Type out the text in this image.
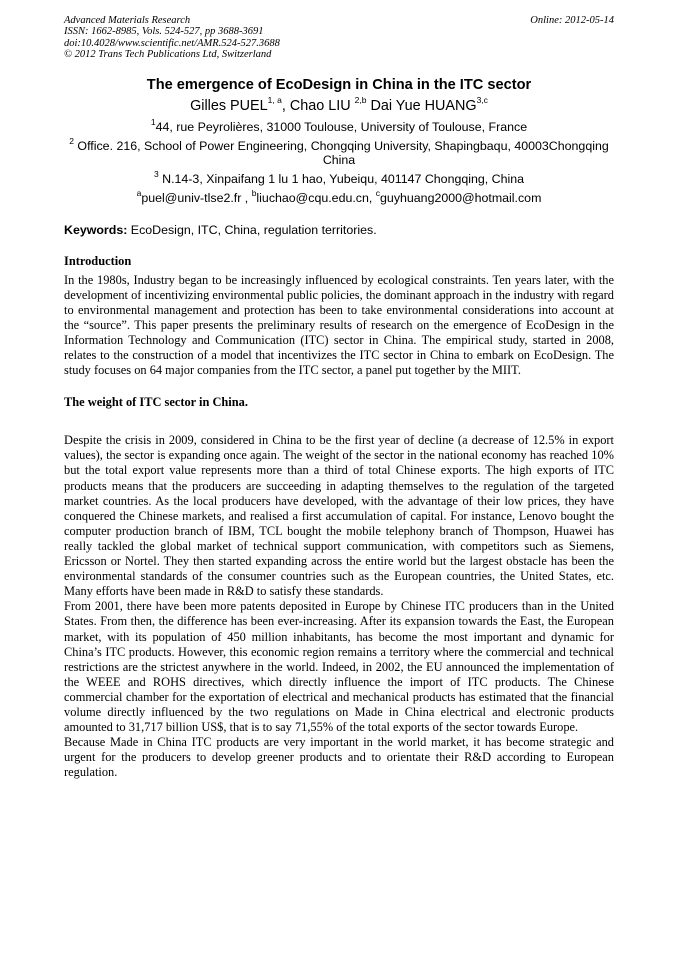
Advanced Materials Research
ISSN: 1662-8985, Vols. 524-527, pp 3688-3691
doi:10.4028/www.scientific.net/AMR.524-527.3688
© 2012 Trans Tech Publications Ltd, Switzerland
Online: 2012-05-14
The emergence of EcoDesign in China in the ITC sector
Gilles PUEL$^{1, a}$, Chao LIU $^{2,b}$ Dai Yue HUANG$^{3,c}$
$^1$44, rue Peyrolières, 31000 Toulouse, University of Toulouse, France
$^2$ Office. 216, School of Power Engineering, Chongqing University, Shapingbaqu, 40003Chongqing China
$^3$ N.14-3, Xinpaifang 1 lu 1 hao, Yubeiqu, 401147 Chongqing, China
$^a$puel@univ-tlse2.fr , $^b$liuchao@cqu.edu.cn, $^c$guyhuang2000@hotmail.com
Keywords: EcoDesign, ITC, China, regulation territories.
Introduction

In the 1980s, Industry began to be increasingly influenced by ecological constraints. Ten years later, with the development of incentivizing environmental public policies, the dominant approach in the industry with regard to environmental management and protection has been to take environmental considerations into account at the “source”. This paper presents the preliminary results of research on the emergence of EcoDesign in the Information Technology and Communication (ITC) sector in China. The empirical study, started in 2008, relates to the construction of a model that incentivizes the ITC sector in China to embark on EcoDesign. The study focuses on 64 major companies from the ITC sector, a panel put together by the MIIT.

The weight of ITC sector in China.

Despite the crisis in 2009, considered in China to be the first year of decline (a decrease of 12.5% in export values), the sector is expanding once again. The weight of the sector in the national economy has reached 10% but the total export value represents more than a third of total Chinese exports. The high exports of ITC products means that the producers are succeeding in adapting themselves to the regulation of the targeted market countries. As the local producers have developed, with the advantage of their low prices, they have conquered the Chinese markets, and realised a first accumulation of capital. For instance, Lenovo bought the computer production branch of IBM, TCL bought the mobile telephony branch of Thompson, Huawei has really tackled the global market of technical support communication, with competitors such as Siemens, Ericsson or Nortel. They then started expanding across the entire world but the largest obstacle has been the environmental standards of the consumer countries such as the European countries, the United States, etc. Many efforts have been made in R&D to satisfy these standards.

From 2001, there have been more patents deposited in Europe by Chinese ITC producers than in the United States. From then, the difference has been ever-increasing. After its expansion towards the East, the European market, with its population of 450 million inhabitants, has become the most important and dynamic for China’s ITC products. However, this economic region remains a territory where the commercial and technical restrictions are the strictest anywhere in the world. Indeed, in 2002, the EU announced the implementation of the WEEE and ROHS directives, which directly influence the import of ITC products. The Chinese commercial chamber for the exportation of electrical and mechanical products has estimated that the financial volume directly influenced by the two regulations on Made in China electrical and electronic products amounted to 31,717 billion US$, that is to say 71,55% of the total exports of the sector towards Europe.

Because Made in China ITC products are very important in the world market, it has become strategic and urgent for the producers to develop greener products and to orientate their R&D according to European regulation.
